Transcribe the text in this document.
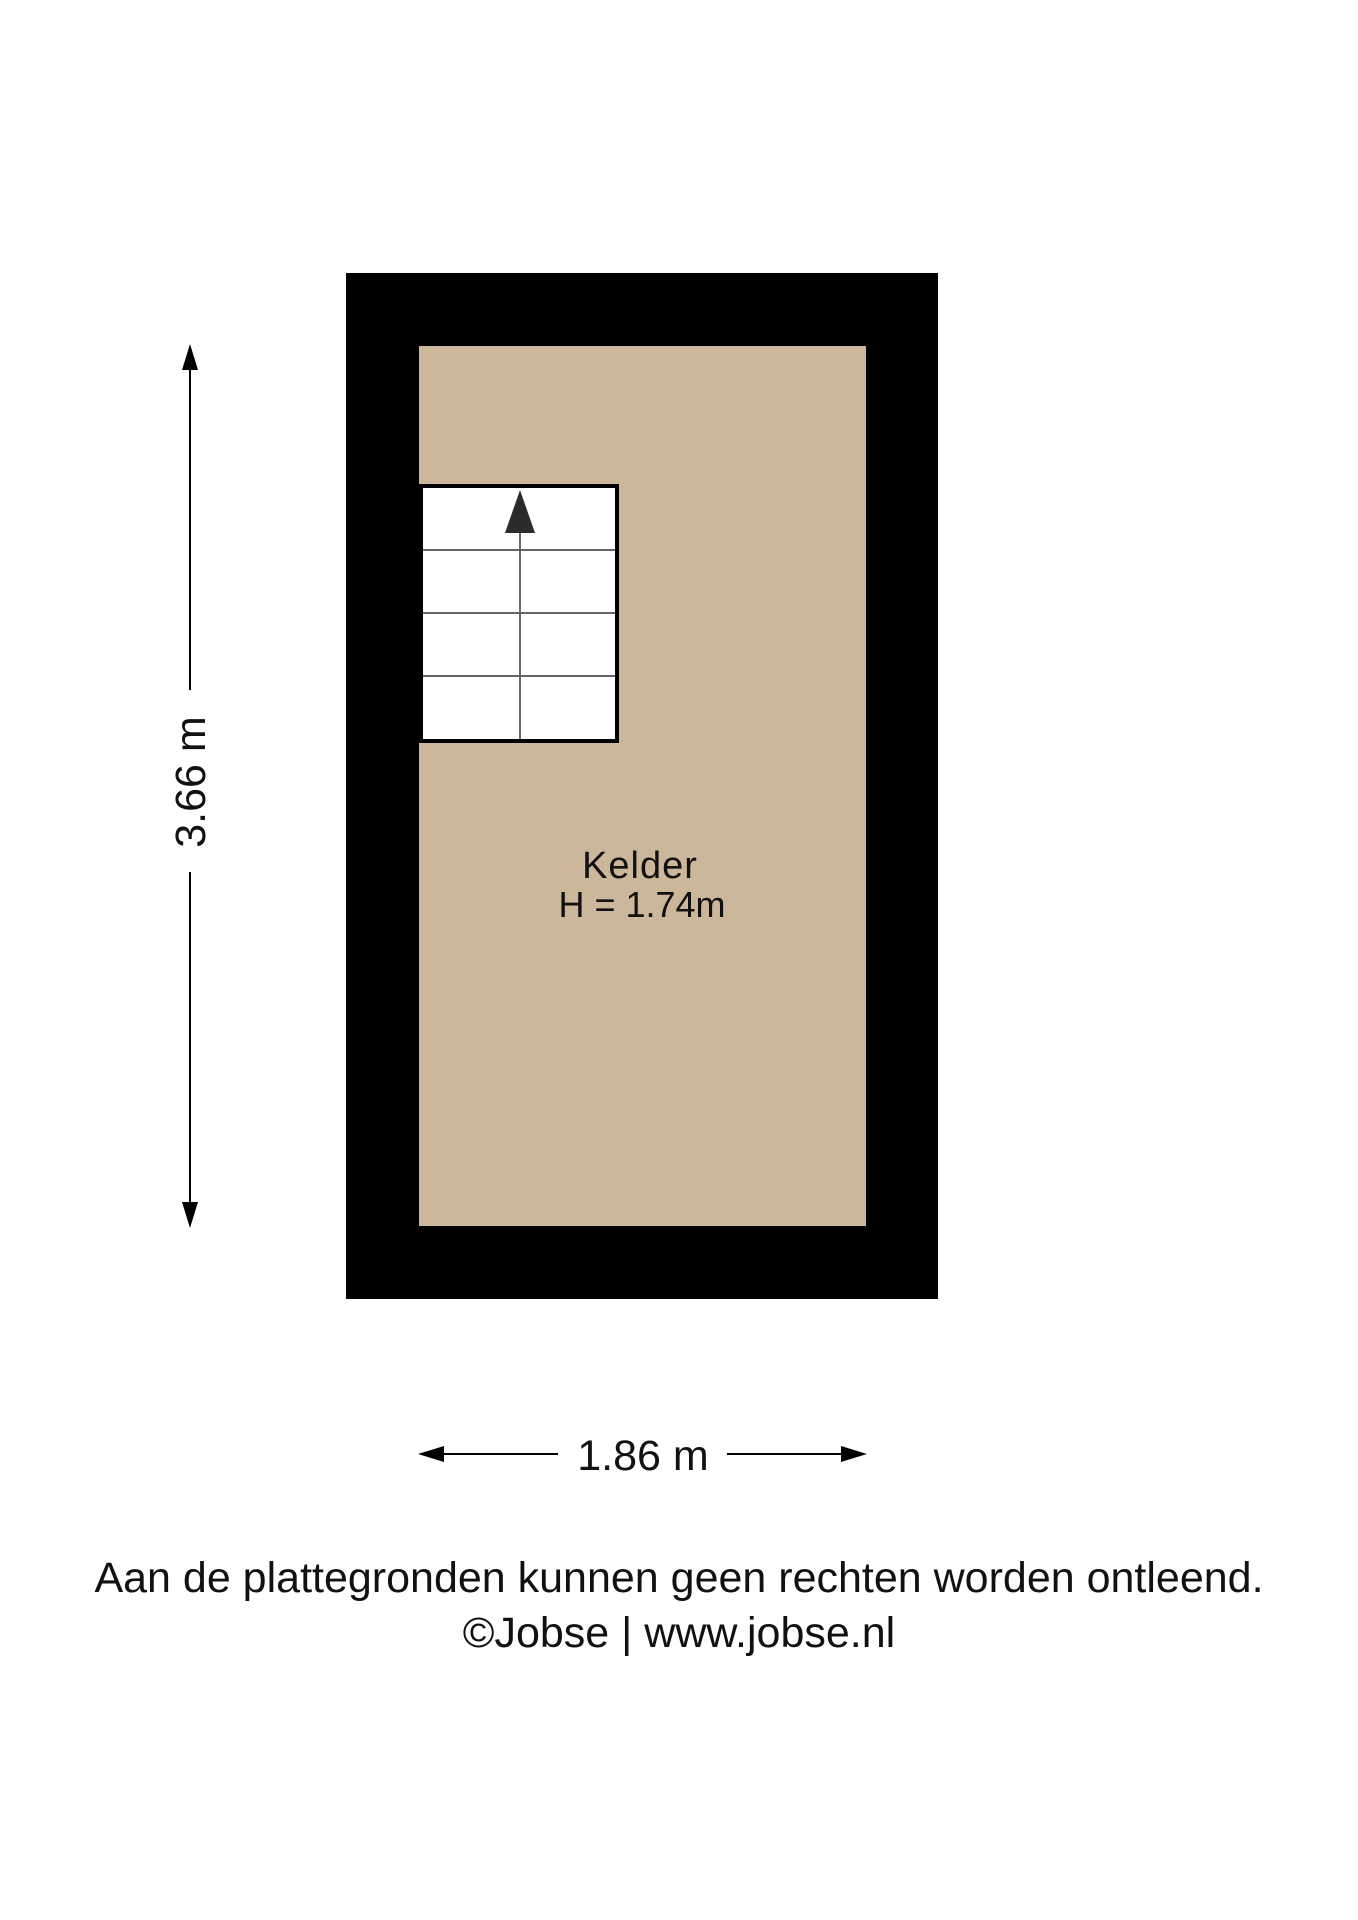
Kelder
H = 1.74m
3.66 m
1.86 m
Aan de plattegronden kunnen geen rechten worden ontleend.
©Jobse | www.jobse.nl
